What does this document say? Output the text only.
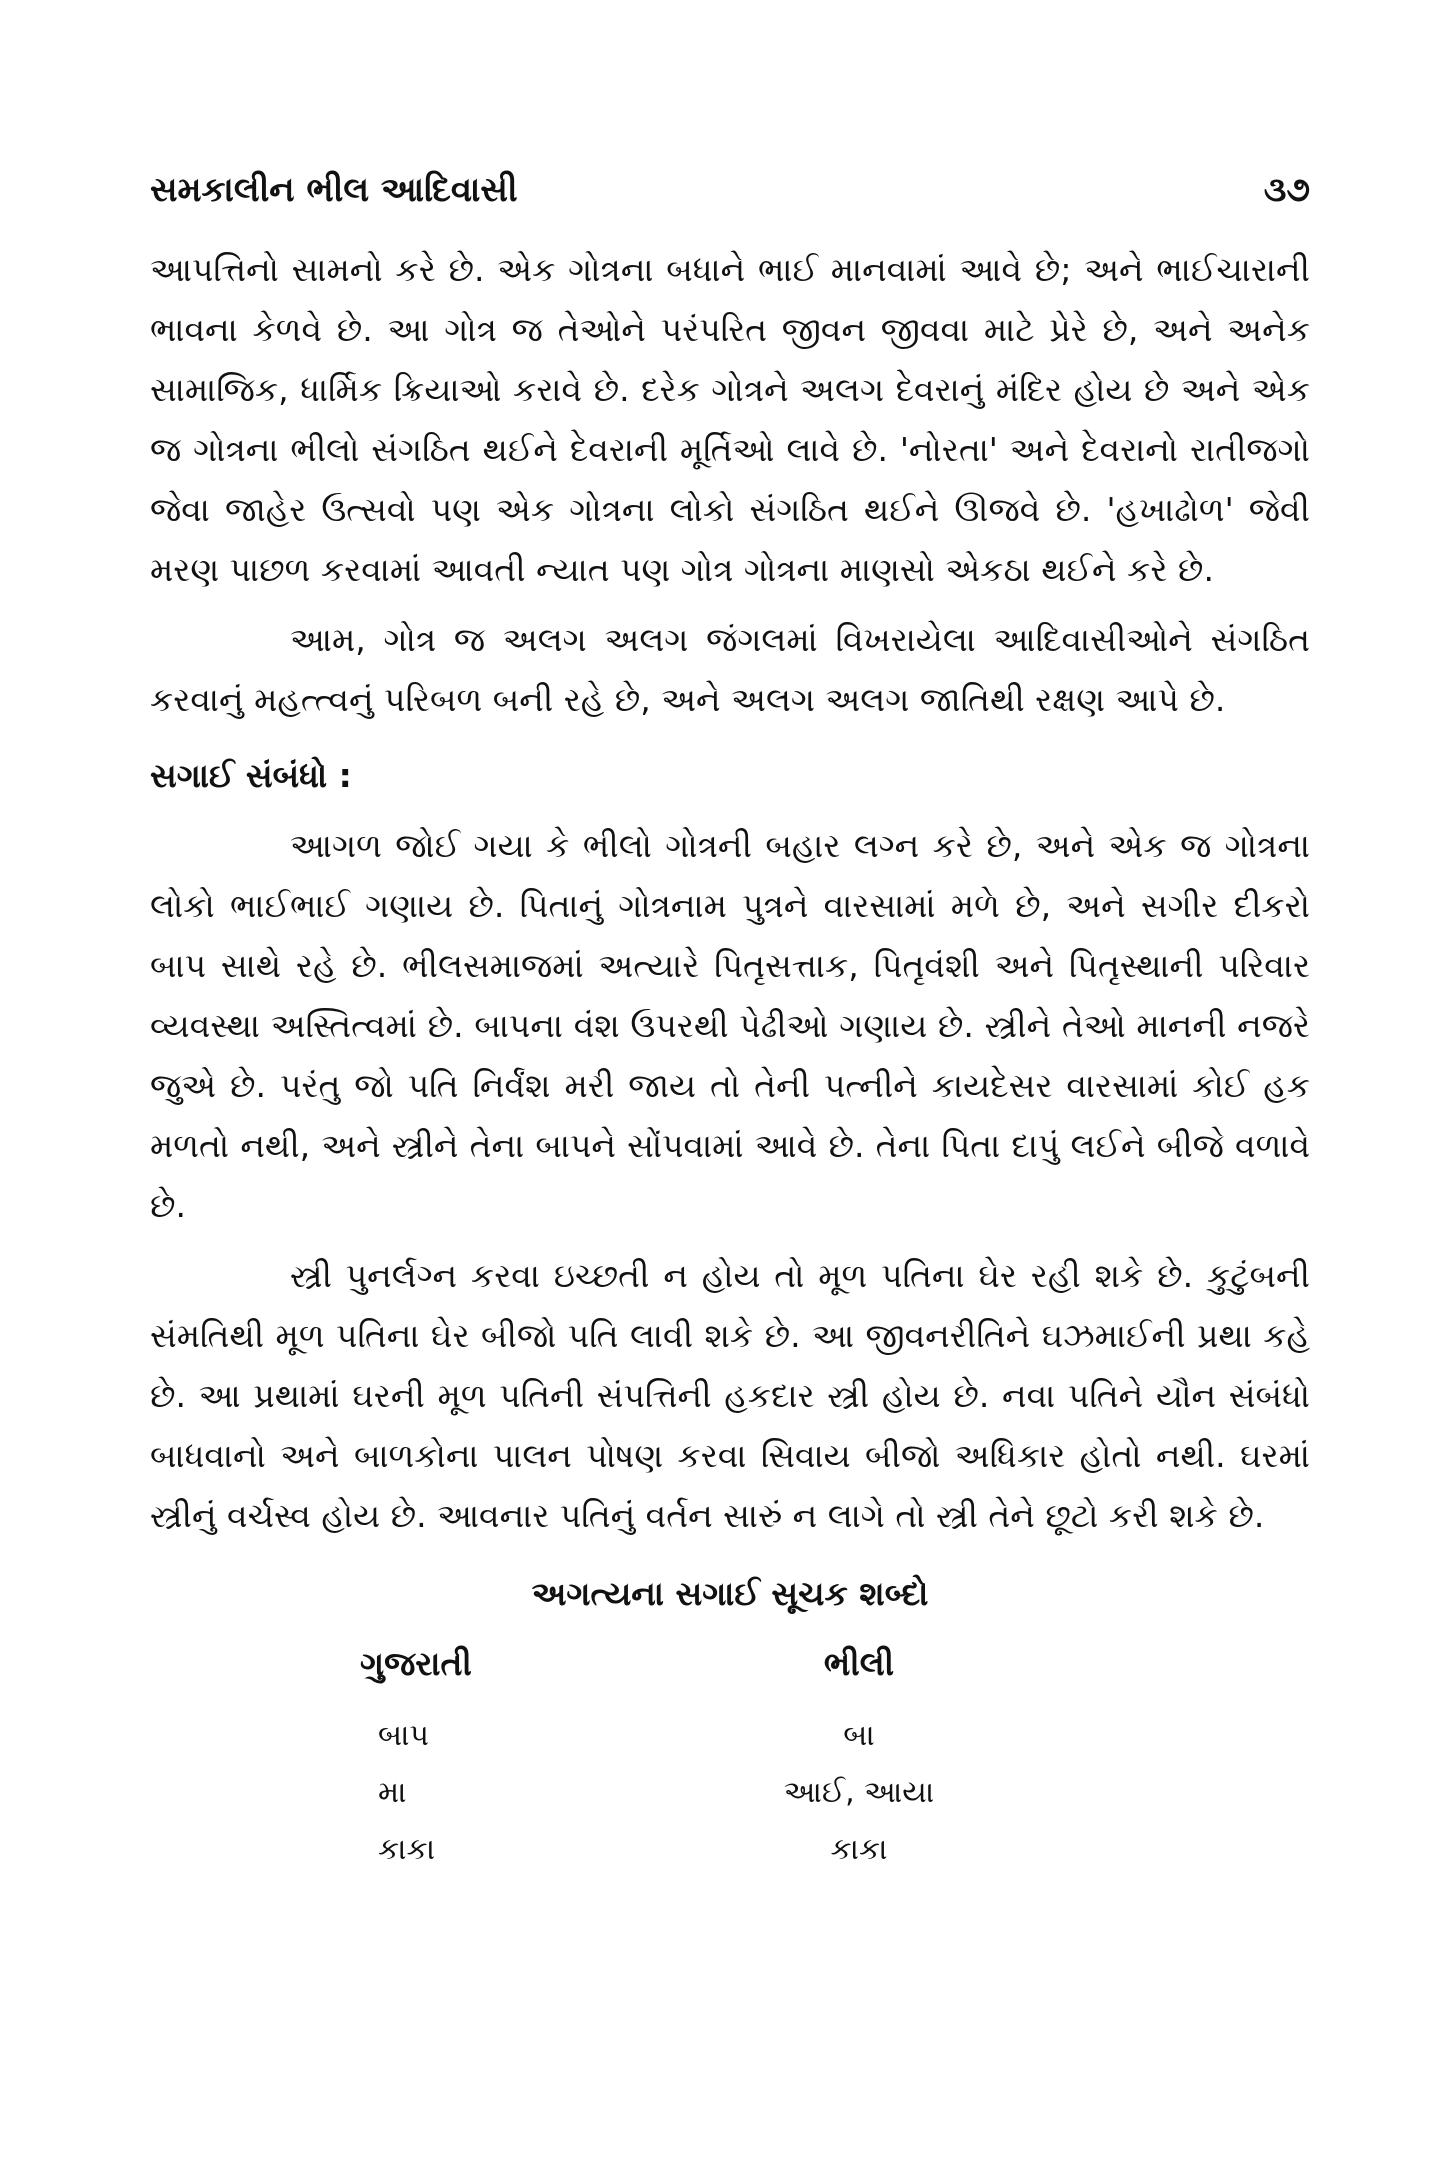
સમકાલીન ભીલ આદિવાસી	૩૭

આપત્તિનો સામનો કરે છે. એક ગોત્રના બધાને ભાઈ માનવામાં આવે છે; અને ભાઈચારાની ભાવના કેળવે છે. આ ગોત્ર જ તેઓને પરંપરિત જીવન જીવવા માટે પ્રેરે છે, અને અનેક સામાજિક, ધાર્મિક ક્રિયાઓ કરાવે છે. દરેક ગોત્રને અલગ દેવરાનું મંદિર હોય છે અને એક જ ગોત્રના ભીલો સંગઠિત થઈને દેવરાની મૂર્તિઓ લાવે છે. 'નોરતા' અને દેવરાનો રાતીજગો જેવા જાહેર ઉત્સવો પણ એક ગોત્રના લોકો સંગઠિત થઈને ઊજવે છે. 'હખાઢોળ' જેવી મરણ પાછળ કરવામાં આવતી ન્યાત પણ ગોત્ર ગોત્રના માણસો એકઠા થઈને કરે છે.

આમ, ગોત્ર જ અલગ અલગ જંગલમાં વિખરાયેલા આદિવાસીઓને સંગઠિત કરવાનું મહત્ત્વનું પરિબળ બની રહે છે, અને અલગ અલગ જાતિથી રક્ષણ આપે છે.

સગાઈ સંબંધો :

આગળ જોઈ ગયા કે ભીલો ગોત્રની બહાર લગ્ન કરે છે, અને એક જ ગોત્રના લોકો ભાઈભાઈ ગણાય છે. પિતાનું ગોત્રનામ પુત્રને વારસામાં મળે છે, અને સગીર દીકરો બાપ સાથે રહે છે. ભીલસમાજમાં અત્યારે પિતૃસત્તાક, પિતૃવંશી અને પિતૃસ્થાની પરિવાર વ્યવસ્થા અસ્તિત્વમાં છે. બાપના વંશ ઉપરથી પેઢીઓ ગણાય છે. સ્ત્રીને તેઓ માનની નજરે જુએ છે. પરંતુ જો પતિ નિર્વંશ મરી જાય તો તેની પત્નીને કાયદેસર વારસામાં કોઈ હક મળતો નથી, અને સ્ત્રીને તેના બાપને સોંપવામાં આવે છે. તેના પિતા દાપું લઈને બીજે વળાવે છે.

સ્ત્રી પુનર્લગ્ન કરવા ઇચ્છતી ન હોય તો મૂળ પતિના ઘેર રહી શકે છે. કુટુંબની સંમતિથી મૂળ પતિના ઘેર બીજો પતિ લાવી શકે છે. આ જીવનરીતિને ઘઝમાઈની પ્રથા કહે છે. આ પ્રથામાં ઘરની મૂળ પતિની સંપત્તિની હકદાર સ્ત્રી હોય છે. નવા પતિને યૌન સંબંધો બાધવાનો અને બાળકોના પાલન પોષણ કરવા સિવાય બીજો અધિકાર હોતો નથી. ઘરમાં સ્ત્રીનું વર્ચસ્વ હોય છે. આવનાર પતિનું વર્તન સારું ન લાગે તો સ્ત્રી તેને છૂટો કરી શકે છે.

અગત્યના સગાઈ સૂચક શબ્દો
ગુજરાતી	ભીલી
બાપ	બા
મા	આઈ, આયા
કાકા	કાકા
